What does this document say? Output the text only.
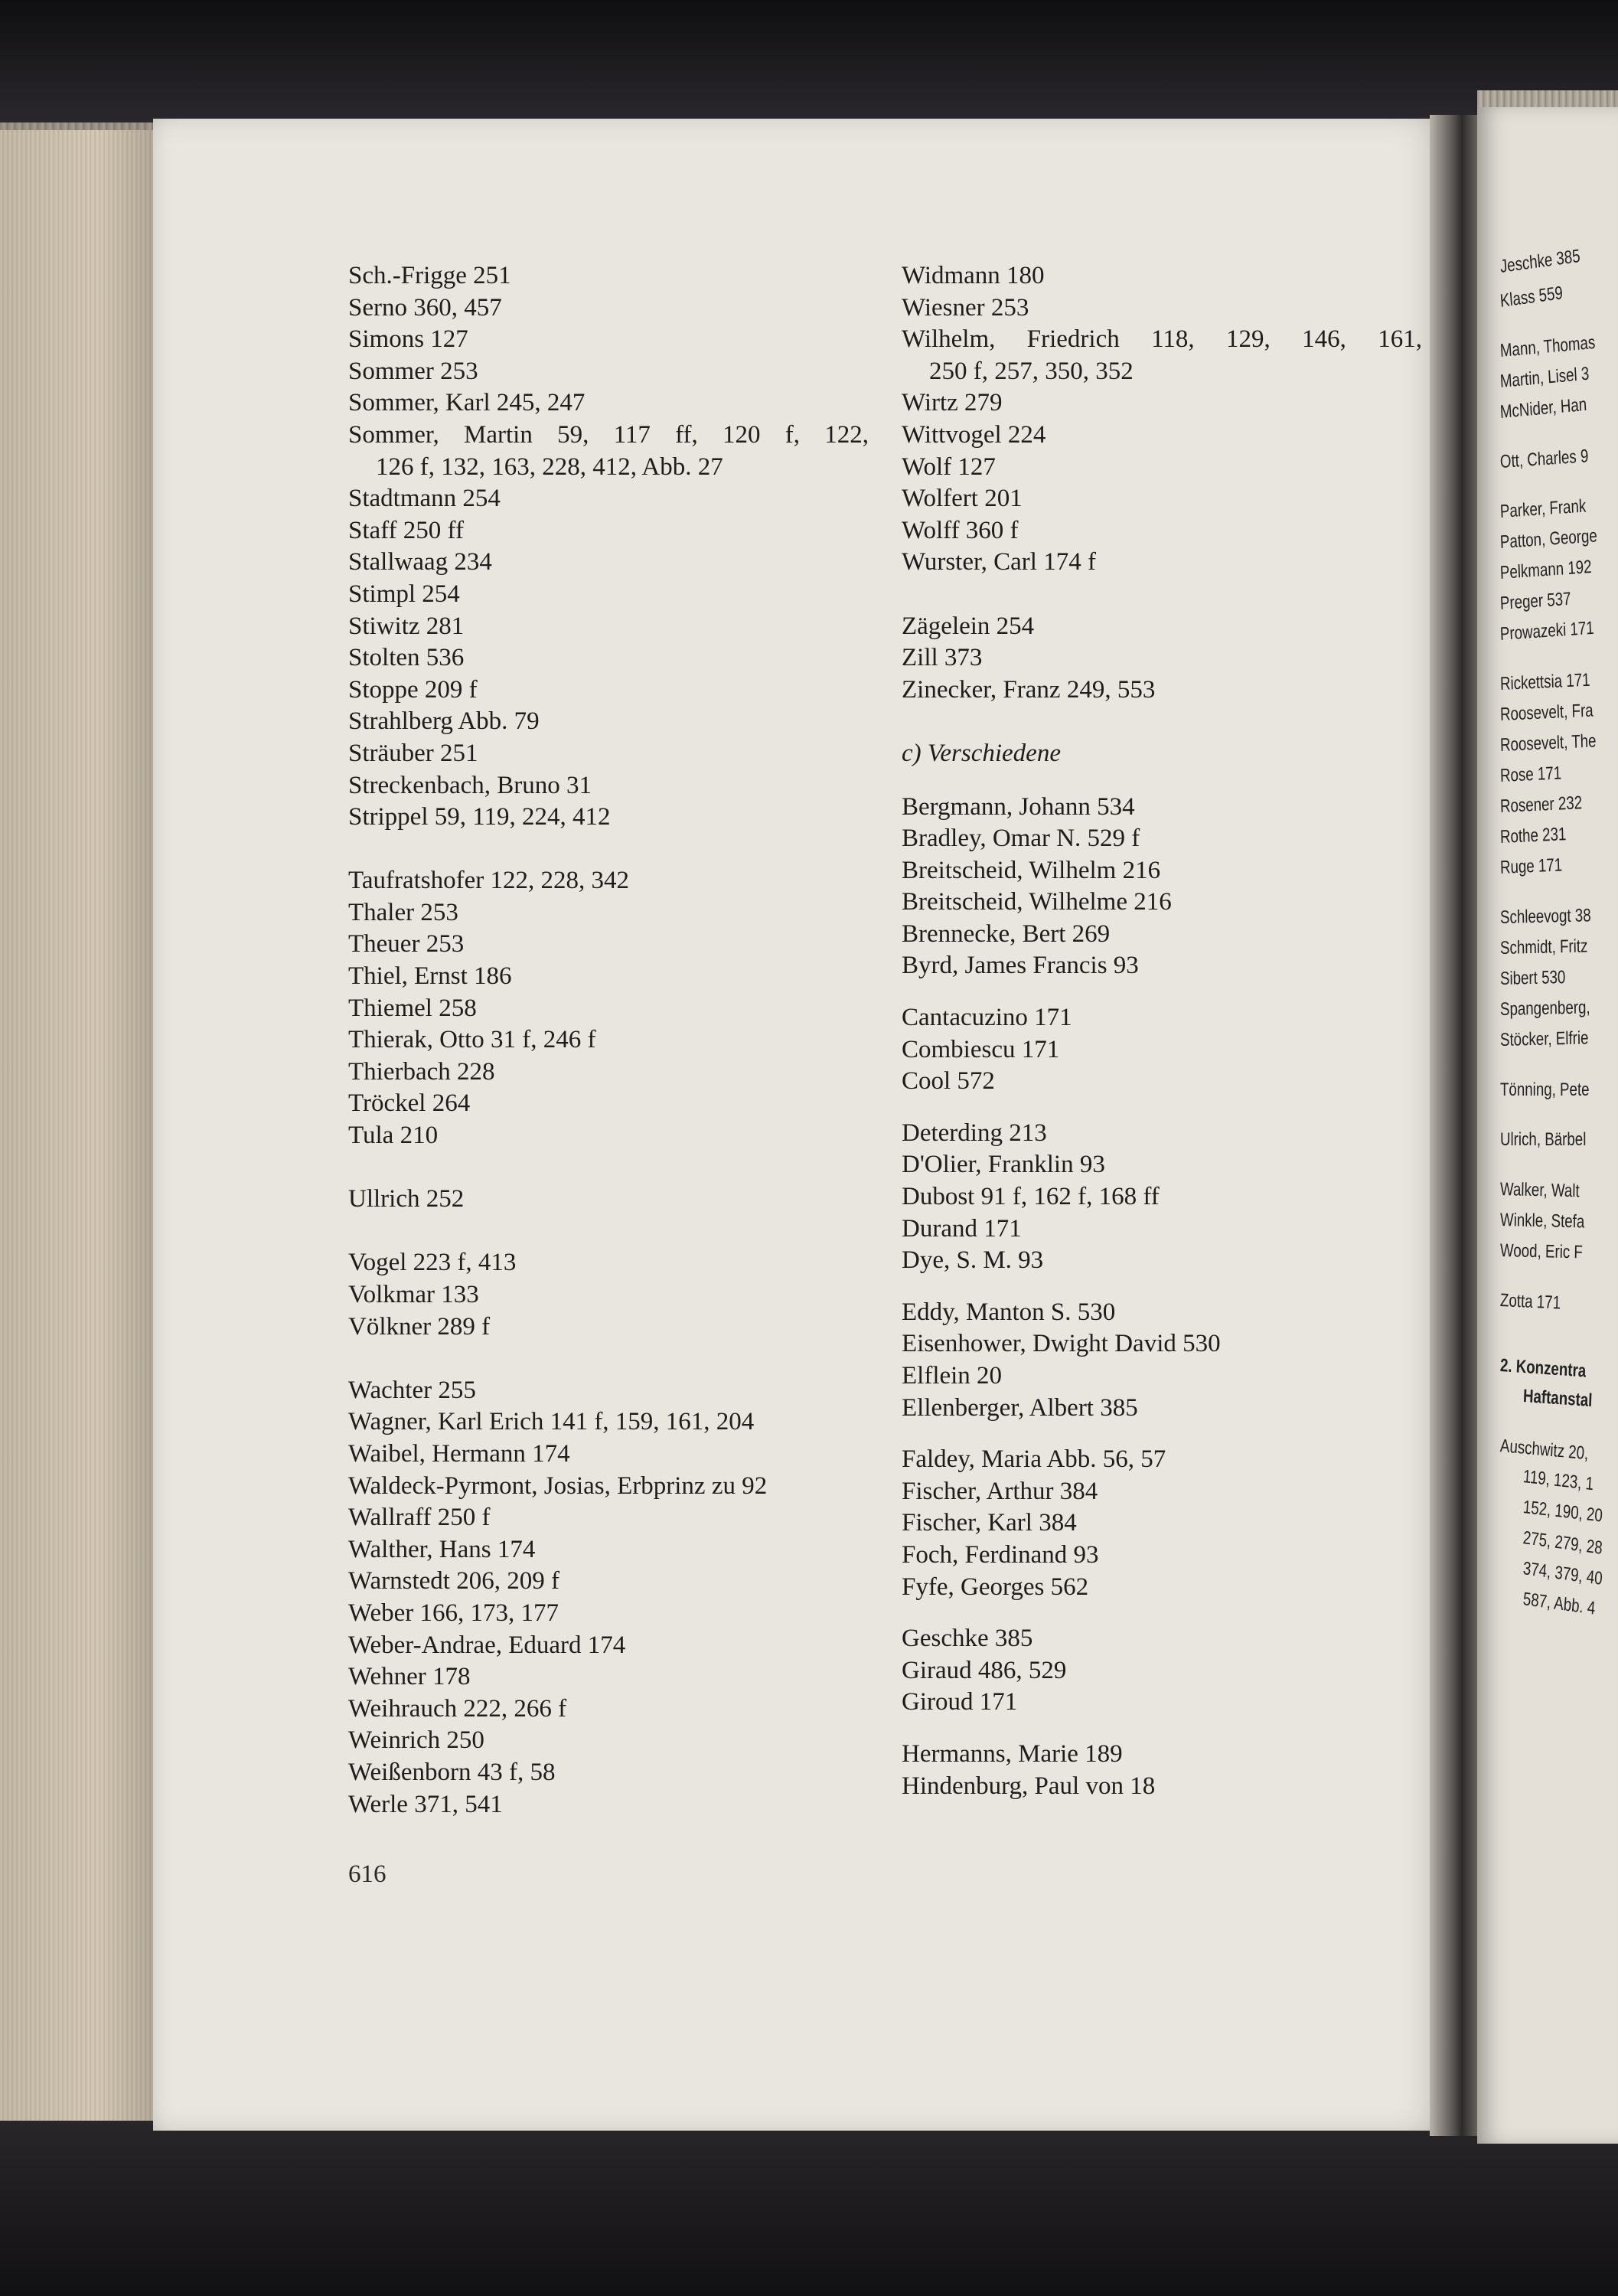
Jeschke 385
Klass 559
Mann, Thomas
Martin, Lisel 3
McNider, Han
Ott, Charles 9
Parker, Frank
Patton, George
Pelkmann 192
Preger 537
Prowazeki 171
Rickettsia 171
Roosevelt, Fra
Roosevelt, The
Rose 171
Rosener 232
Rothe 231
Ruge 171
Schleevogt 38
Schmidt, Fritz
Sibert 530
Spangenberg,
Stöcker, Elfrie
Tönning, Pete
Ulrich, Bärbel
Walker, Walt
Winkle, Stefa
Wood, Eric F
Zotta 171
2. Konzentra
Haftanstal
Auschwitz 20,
119, 123, 1
152, 190, 20
275, 279, 28
374, 379, 40
587, Abb. 4
Sch.-Frigge 251
Serno 360, 457
Simons 127
Sommer 253
Sommer, Karl 245, 247
Sommer, Martin 59, 117 ff, 120 f, 122,
126 f, 132, 163, 228, 412, Abb. 27
Stadtmann 254
Staff 250 ff
Stallwaag 234
Stimpl 254
Stiwitz 281
Stolten 536
Stoppe 209 f
Strahlberg Abb. 79
Sträuber 251
Streckenbach, Bruno 31
Strippel 59, 119, 224, 412
Taufratshofer 122, 228, 342
Thaler 253
Theuer 253
Thiel, Ernst 186
Thiemel 258
Thierak, Otto 31 f, 246 f
Thierbach 228
Tröckel 264
Tula 210
Ullrich 252
Vogel 223 f, 413
Volkmar 133
Völkner 289 f
Wachter 255
Wagner, Karl Erich 141 f, 159, 161, 204
Waibel, Hermann 174
Waldeck-Pyrmont, Josias, Erbprinz zu 92
Wallraff 250 f
Walther, Hans 174
Warnstedt 206, 209 f
Weber 166, 173, 177
Weber-Andrae, Eduard 174
Wehner 178
Weihrauch 222, 266 f
Weinrich 250
Weißenborn 43 f, 58
Werle 371, 541
Widmann 180
Wiesner 253
Wilhelm, Friedrich 118, 129, 146, 161,
250 f, 257, 350, 352
Wirtz 279
Wittvogel 224
Wolf 127
Wolfert 201
Wolff 360 f
Wurster, Carl 174 f
Zägelein 254
Zill 373
Zinecker, Franz 249, 553
c) Verschiedene
Bergmann, Johann 534
Bradley, Omar N. 529 f
Breitscheid, Wilhelm 216
Breitscheid, Wilhelme 216
Brennecke, Bert 269
Byrd, James Francis 93
Cantacuzino 171
Combiescu 171
Cool 572
Deterding 213
D'Olier, Franklin 93
Dubost 91 f, 162 f, 168 ff
Durand 171
Dye, S. M. 93
Eddy, Manton S. 530
Eisenhower, Dwight David 530
Elflein 20
Ellenberger, Albert 385
Faldey, Maria Abb. 56, 57
Fischer, Arthur 384
Fischer, Karl 384
Foch, Ferdinand 93
Fyfe, Georges 562
Geschke 385
Giraud 486, 529
Giroud 171
Hermanns, Marie 189
Hindenburg, Paul von 18
616
